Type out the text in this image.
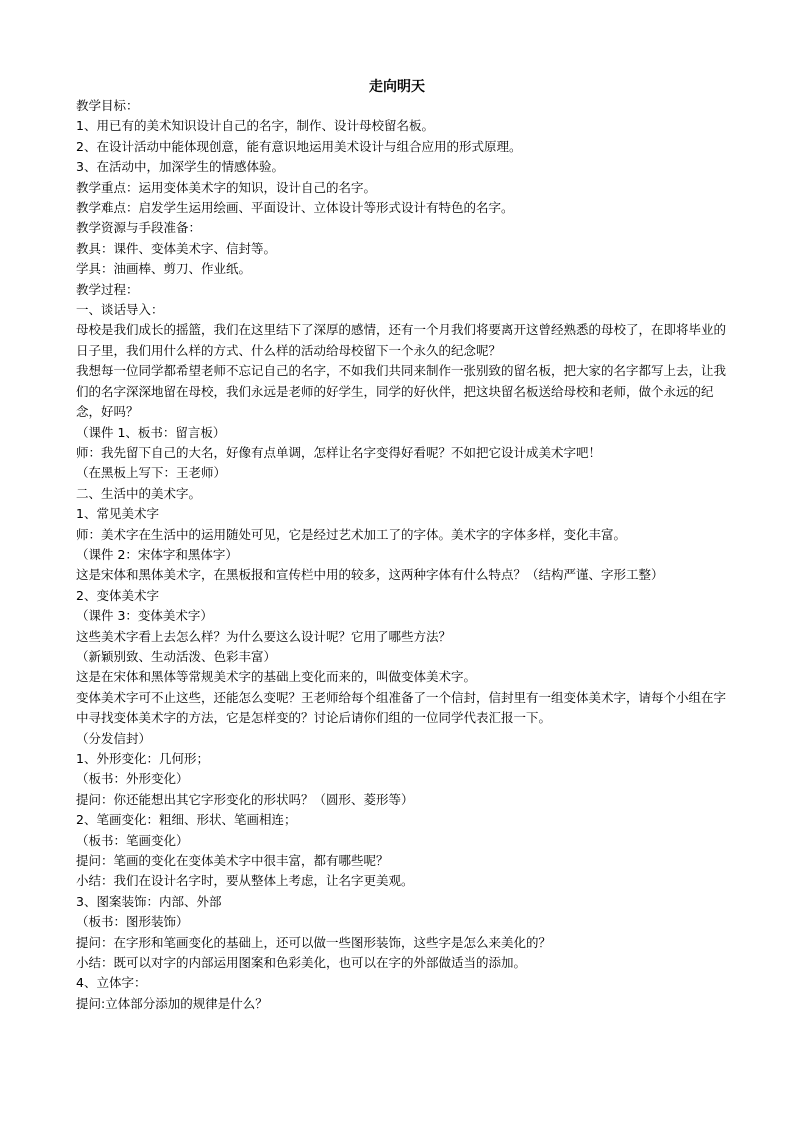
走向明天
教学目标：
1、用已有的美术知识设计自己的名字，制作、设计母校留名板。
2、在设计活动中能体现创意，能有意识地运用美术设计与组合应用的形式原理。
3、在活动中，加深学生的情感体验。
教学重点：运用变体美术字的知识，设计自己的名字。
教学难点：启发学生运用绘画、平面设计、立体设计等形式设计有特色的名字。
教学资源与手段准备：
教具：课件、变体美术字、信封等。
学具：油画棒、剪刀、作业纸。
教学过程：
一、谈话导入：
母校是我们成长的摇篮，我们在这里结下了深厚的感情，还有一个月我们将要离开这曾经熟悉的母校了，在即将毕业的日子里，我们用什么样的方式、什么样的活动给母校留下一个永久的纪念呢？
我想每一位同学都希望老师不忘记自己的名字，不如我们共同来制作一张别致的留名板，把大家的名字都写上去，让我们的名字深深地留在母校，我们永远是老师的好学生，同学的好伙伴，把这块留名板送给母校和老师，做个永远的纪念，好吗？
（课件 1、板书：留言板）
师：我先留下自己的大名，好像有点单调，怎样让名字变得好看呢？不如把它设计成美术字吧！
（在黑板上写下：王老师）
二、生活中的美术字。
1、常见美术字
师：美术字在生活中的运用随处可见，它是经过艺术加工了的字体。美术字的字体多样，变化丰富。
（课件 2：宋体字和黑体字）
这是宋体和黑体美术字，在黑板报和宣传栏中用的较多，这两种字体有什么特点？（结构严谨、字形工整）
2、变体美术字
（课件 3：变体美术字）
这些美术字看上去怎么样？为什么要这么设计呢？它用了哪些方法？
（新颖别致、生动活泼、色彩丰富）
这是在宋体和黑体等常规美术字的基础上变化而来的，叫做变体美术字。
变体美术字可不止这些，还能怎么变呢？王老师给每个组准备了一个信封，信封里有一组变体美术字，请每个小组在字中寻找变体美术字的方法，它是怎样变的？讨论后请你们组的一位同学代表汇报一下。
（分发信封）
1、外形变化：几何形；
（板书：外形变化）
提问：你还能想出其它字形变化的形状吗？（圆形、菱形等）
2、笔画变化：粗细、形状、笔画相连；
（板书：笔画变化）
提问：笔画的变化在变体美术字中很丰富，都有哪些呢？
小结：我们在设计名字时，要从整体上考虑，让名字更美观。
3、图案装饰：内部、外部
（板书：图形装饰）
提问：在字形和笔画变化的基础上，还可以做一些图形装饰，这些字是怎么来美化的？
小结：既可以对字的内部运用图案和色彩美化，也可以在字的外部做适当的添加。
4、立体字：
提问:立体部分添加的规律是什么？
